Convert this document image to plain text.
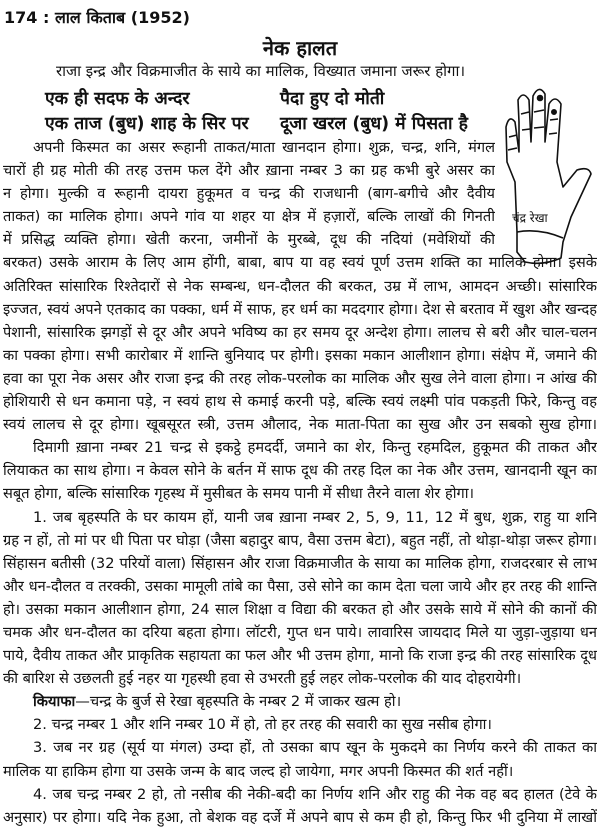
174 : लाल किताब (1952)
नेक हालत
राजा इन्द्र और विक्रमाजीत के साये का मालिक, विख्यात जमाना जरूर होगा।
एक ही सदफ के अन्दर	पैदा हुए दो मोती
एक ताज (बुध) शाह के सिर पर दूजा खरल (बुध) में पिसता है
चंद्र रेखा
अपनी किस्मत का असर रूहानी ताकत/माता खानदान होगा। शुक्र, चन्द्र, शनि, मंगल
चारों ही ग्रह मोती की तरह उत्तम फल देंगे और ख़ाना नम्बर 3 का ग्रह कभी बुरे असर का
न होगा। मुल्की व रूहानी दायरा हुकूमत व चन्द्र की राजधानी (बाग-बगीचे और दैवीय
ताकत) का मालिक होगा। अपने गांव या शहर या क्षेत्र में हज़ारों, बल्कि लाखों की गिनती
में प्रसिद्ध व्यक्ति होगा। खेती करना, जमीनों के मुरब्बे, दूध की नदियां (मवेशियों की
बरकत) उसके आराम के लिए आम होंगी, बाबा, बाप या वह स्वयं पूर्ण उत्तम शक्ति का मालिक होगा। इसके
अतिरिक्त सांसारिक रिश्तेदारों से नेक सम्बन्ध, धन-दौलत की बरकत, उम्र में लाभ, आमदन अच्छी। सांसारिक
इज्जत, स्वयं अपने एतकाद का पक्का, धर्म में साफ, हर धर्म का मददगार होगा। देश से बरताव में खुश और खन्दह
पेशानी, सांसारिक झगड़ों से दूर और अपने भविष्य का हर समय दूर अन्देश होगा। लालच से बरी और चाल-चलन
का पक्का होगा। सभी कारोबार में शान्ति बुनियाद पर होगी। इसका मकान आलीशान होगा। संक्षेप में, जमाने की
हवा का पूरा नेक असर और राजा इन्द्र की तरह लोक-परलोक का मालिक और सुख लेने वाला होगा। न आंख की
होशियारी से धन कमाना पड़े, न स्वयं हाथ से कमाई करनी पड़े, बल्कि स्वयं लक्ष्मी पांव पकड़ती फिरे, किन्तु वह
स्वयं लालच से दूर होगा। खूबसूरत स्त्री, उत्तम औलाद, नेक माता-पिता का सुख और उन सबको सुख होगा।
दिमागी ख़ाना नम्बर 21 चन्द्र से इकट्ठे हमदर्दी, जमाने का शेर, किन्तु रहमदिल, हुकूमत की ताकत और
लियाकत का साथ होगा। न केवल सोने के बर्तन में साफ दूध की तरह दिल का नेक और उत्तम, खानदानी खून का
सबूत होगा, बल्कि सांसारिक गृहस्थ में मुसीबत के समय पानी में सीधा तैरने वाला शेर होगा।
1. जब बृहस्पति के घर कायम हों, यानी जब ख़ाना नम्बर 2, 5, 9, 11, 12 में बुध, शुक्र, राहु या शनि
ग्रह न हों, तो मां पर धी पिता पर घोड़ा (जैसा बहादुर बाप, वैसा उत्तम बेटा), बहुत नहीं, तो थोड़ा-थोड़ा जरूर होगा।
सिंहासन बतीसी (32 परियों वाला) सिंहासन और राजा विक्रमाजीत के साया का मालिक होगा, राजदरबार से लाभ
और धन-दौलत व तरक्की, उसका मामूली तांबे का पैसा, उसे सोने का काम देता चला जाये और हर तरह की शान्ति
हो। उसका मकान आलीशान होगा, 24 साल शिक्षा व विद्या की बरकत हो और उसके साये में सोने की कानों की
चमक और धन-दौलत का दरिया बहता होगा। लॉटरी, गुप्त धन पाये। लावारिस जायदाद मिले या जुड़ा-जुड़ाया धन
पाये, दैवीय ताकत और प्राकृतिक सहायता का फल और भी उत्तम होगा, मानो कि राजा इन्द्र की तरह सांसारिक दूध
की बारिश से उछलती हुई नहर या गृहस्थी हवा से उभरती हुई लहर लोक-परलोक की याद दोहरायेगी।
कियाफा—चन्द्र के बुर्ज से रेखा बृहस्पति के नम्बर 2 में जाकर खत्म हो।
2. चन्द्र नम्बर 1 और शनि नम्बर 10 में हो, तो हर तरह की सवारी का सुख नसीब होगा।
3. जब नर ग्रह (सूर्य या मंगल) उम्दा हों, तो उसका बाप खून के मुकदमे का निर्णय करने की ताकत का
मालिक या हाकिम होगा या उसके जन्म के बाद जल्द हो जायेगा, मगर अपनी किस्मत की शर्त नहीं।
4. जब चन्द्र नम्बर 2 हो, तो नसीब की नेकी-बदी का निर्णय शनि और राहु की नेक वह बद हालत (टेवे के
अनुसार) पर होगा। यदि नेक हुआ, तो बेशक वह दर्जे में अपने बाप से कम ही हो, किन्तु फिर भी दुनिया में लाखों
